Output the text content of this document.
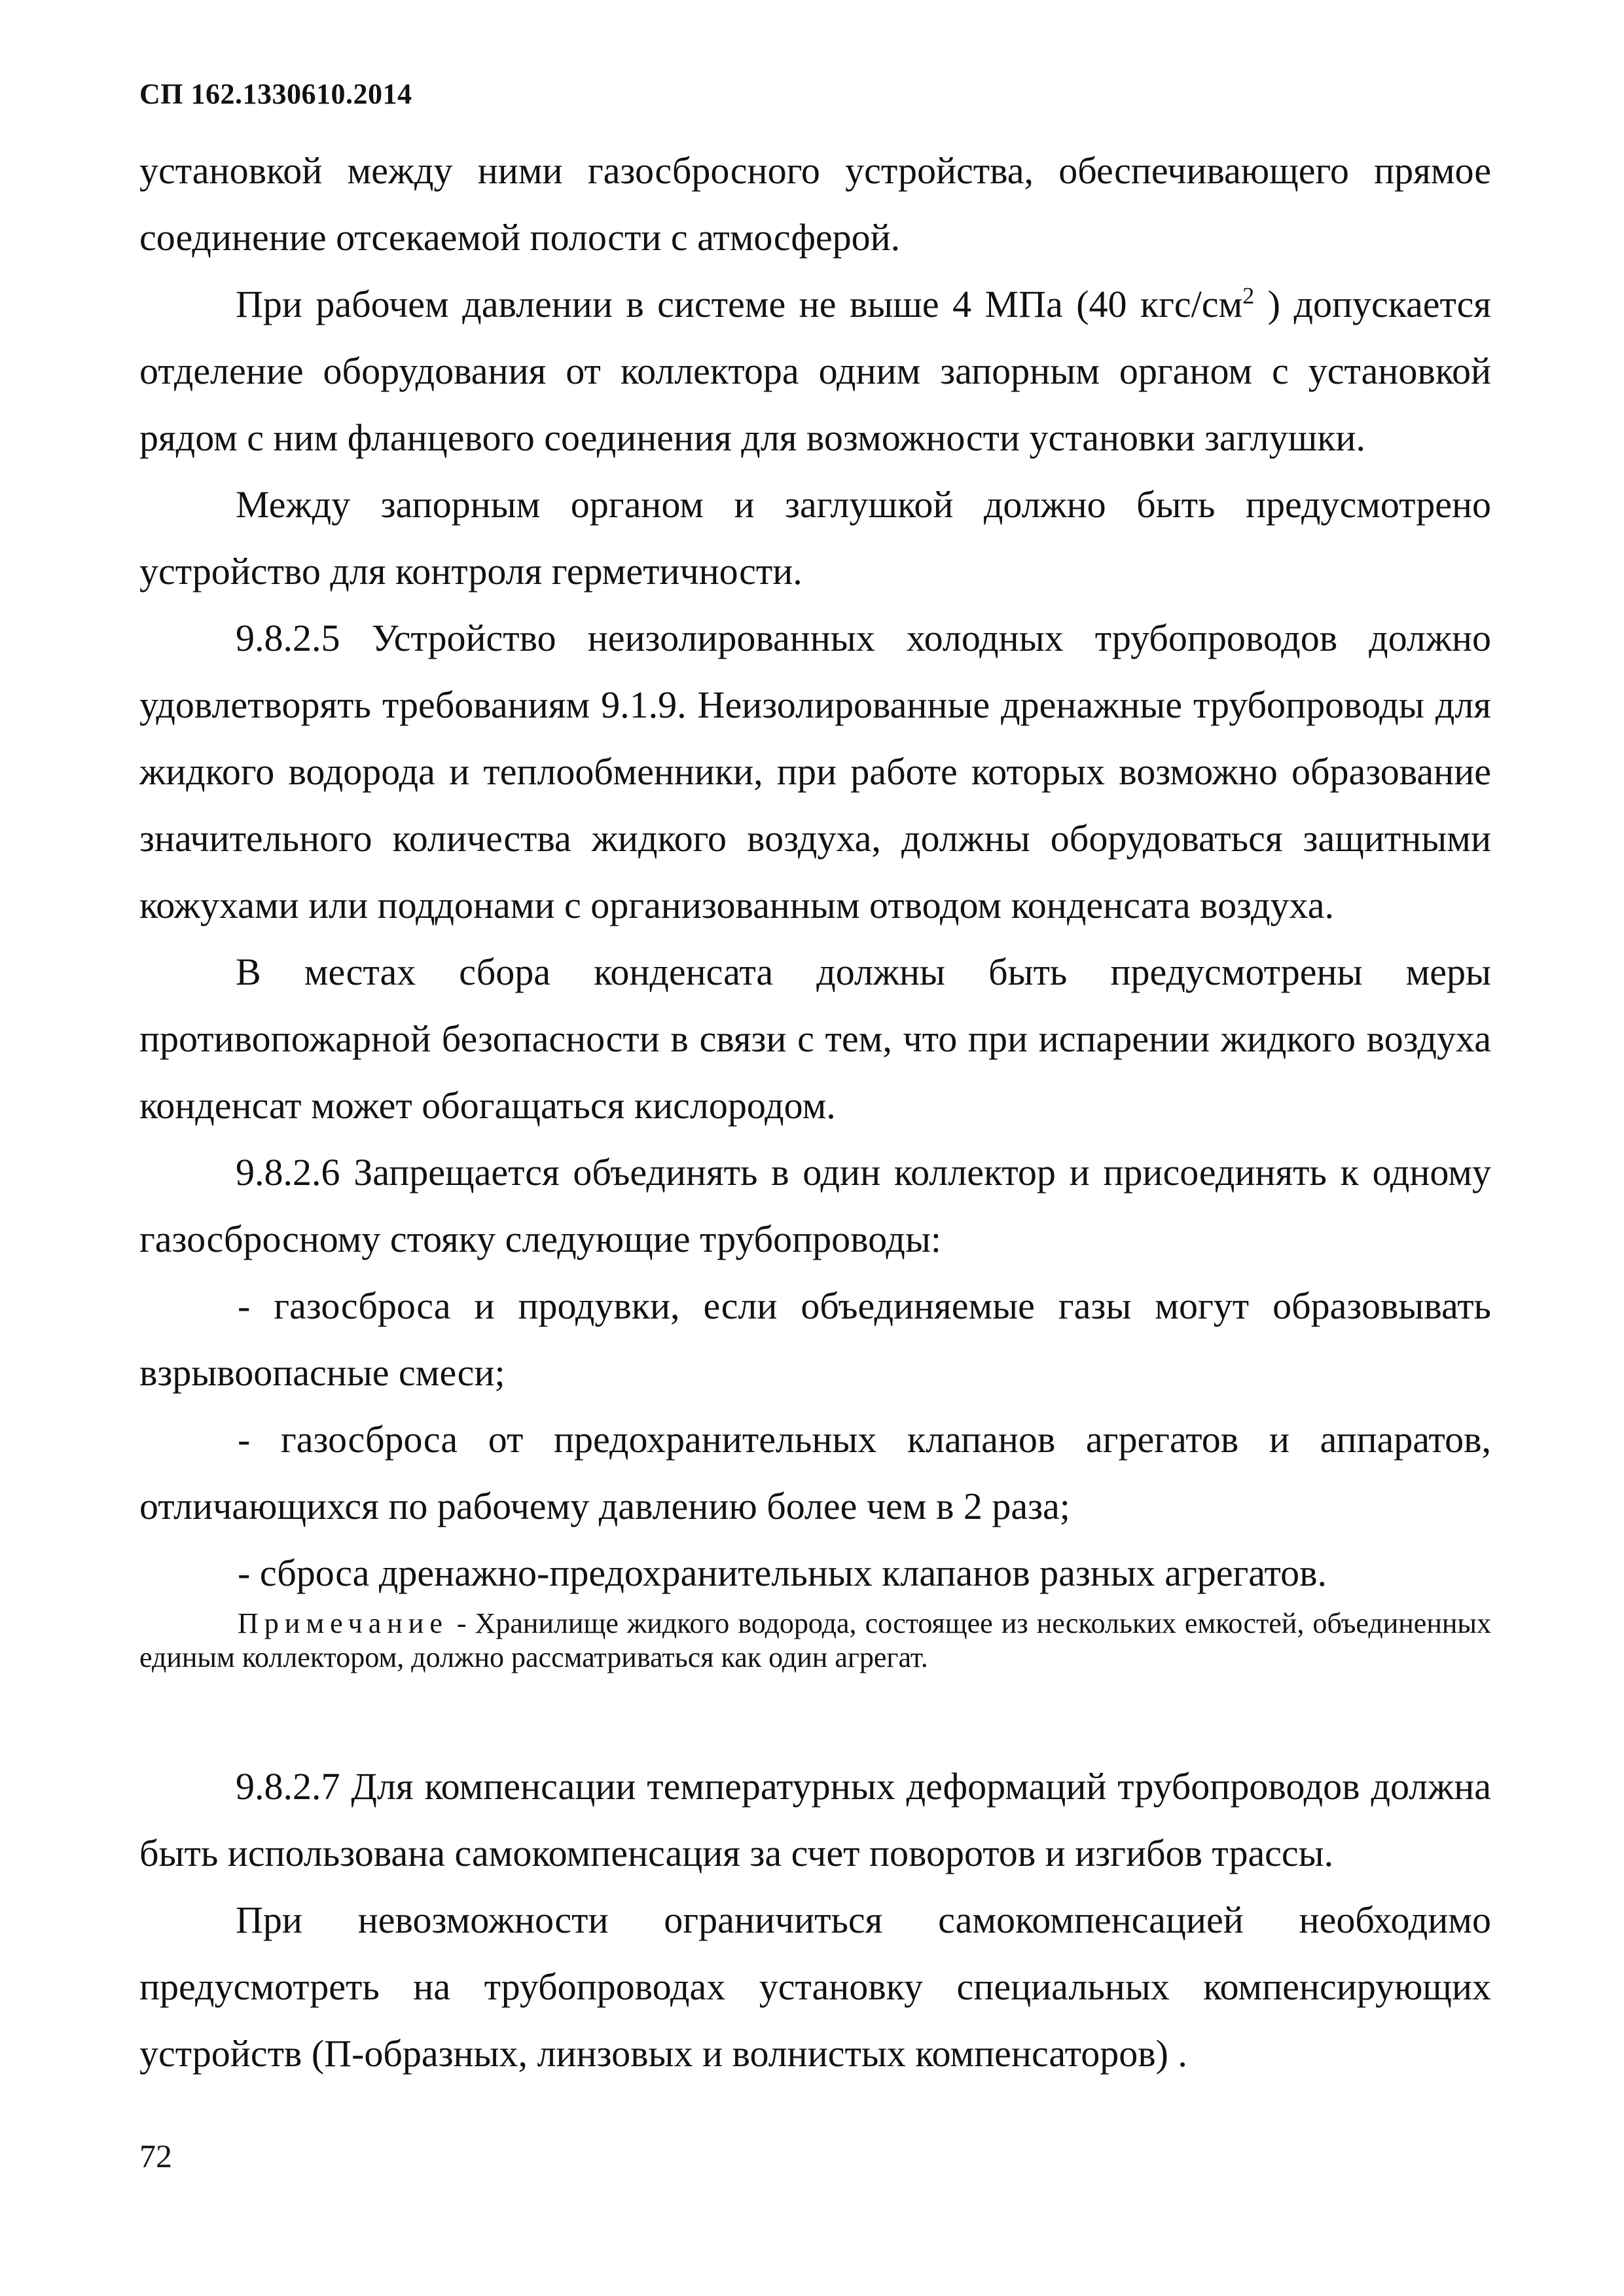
СП 162.1330610.2014

установкой между ними газосбросного устройства, обеспечивающего прямое соединение отсекаемой полости с атмосферой.

При рабочем давлении в системе не выше 4 МПа (40 кгс/$см^2$ ) допускается отделение оборудования от коллектора одним запорным органом с установкой рядом с ним фланцевого соединения для возможности установки заглушки.

Между запорным органом и заглушкой должно быть предусмотрено устройство для контроля герметичности.

9.8.2.5 Устройство неизолированных холодных трубопроводов должно удовлетворять требованиям 9.1.9. Неизолированные дренажные трубопроводы для жидкого водорода и теплообменники, при работе которых возможно образование значительного количества жидкого воздуха, должны оборудоваться защитными кожухами или поддонами с организованным отводом конденсата воздуха.

В местах сбора конденсата должны быть предусмотрены меры противопожарной безопасности в связи с тем, что при испарении жидкого воздуха конденсат может обогащаться кислородом.

9.8.2.6 Запрещается объединять в один коллектор и присоединять к одному газосбросному стояку следующие трубопроводы:

- газосброса и продувки, если объединяемые газы могут образовывать взрывоопасные смеси;

- газосброса от предохранительных клапанов агрегатов и аппаратов, отличающихся по рабочему давлению более чем в 2 раза;

- сброса дренажно-предохранительных клапанов разных агрегатов.

Примечание - Хранилище жидкого водорода, состоящее из нескольких емкостей, объединенных единым коллектором, должно рассматриваться как один агрегат.

9.8.2.7 Для компенсации температурных деформаций трубопроводов должна быть использована самокомпенсация за счет поворотов и изгибов трассы.

При невозможности ограничиться самокомпенсацией необходимо предусмотреть на трубопроводах установку специальных компенсирующих устройств (П-образных, линзовых и волнистых компенсаторов) .

72
